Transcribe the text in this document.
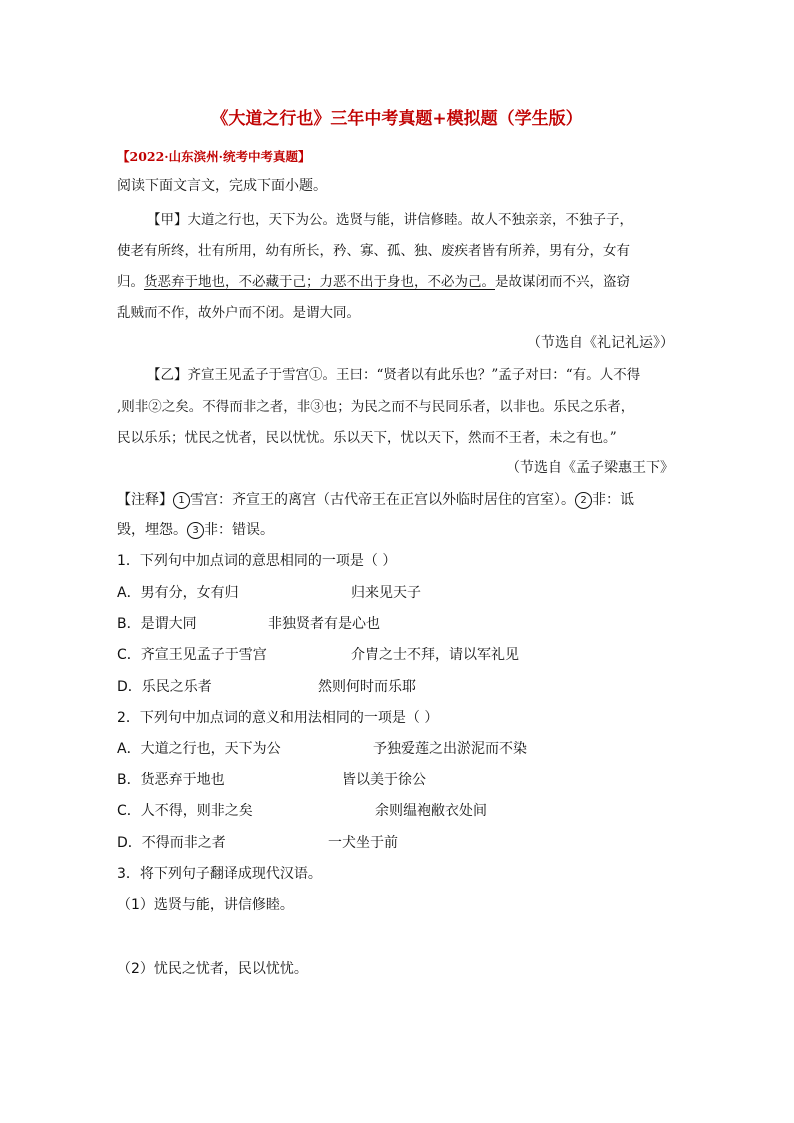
《大道之行也》三年中考真题+模拟题（学生版）
【2022·山东滨州·统考中考真题】
阅读下面文言文，完成下面小题。
【甲】大道之行也，天下为公。选贤与能，讲信修睦。故人不独亲亲，不独子子，
使老有所终，壮有所用，幼有所长，矜、寡、孤、独、废疾者皆有所养，男有分，女有
归。货恶弃于地也，不必藏于己；力恶不出于身也，不必为己。是故谋闭而不兴，盗窃
乱贼而不作，故外户而不闭。是谓大同。
（节选自《礼记礼运》）
【乙】齐宣王见孟子于雪宫①。王曰：“贤者以有此乐也？”孟子对曰：“有。人不得
,则非②之矣。不得而非之者，非③也；为民之而不与民同乐者，以非也。乐民之乐者，
民以乐乐；忧民之忧者，民以忧忧。乐以天下，忧以天下，然而不王者，未之有也。”
（节选自《孟子梁惠王下》
【注释】 1 雪宫：齐宣王的离宫（古代帝王在正宫以外临时居住的宫室）。 2 非：诋
毁，埋怨。 3 非：错误。
1．下列句中加点词的意思相同的一项是（ ）
A．男有分，女有归	归来见天子
B．是谓大同	非独贤者有是心也
C．齐宣王见孟子于雪宫	介胄之士不拜，请以军礼见
D．乐民之乐者	然则何时而乐耶
2．下列句中加点词的意义和用法相同的一项是（ ）
A．大道之行也，天下为公	予独爱莲之出淤泥而不染
B．货恶弃于地也	皆以美于徐公
C．人不得，则非之矣	余则缊袍敝衣处间
D．不得而非之者	一犬坐于前
3．将下列句子翻译成现代汉语。
（1）选贤与能，讲信修睦。
（2）忧民之忧者，民以忧忧。
